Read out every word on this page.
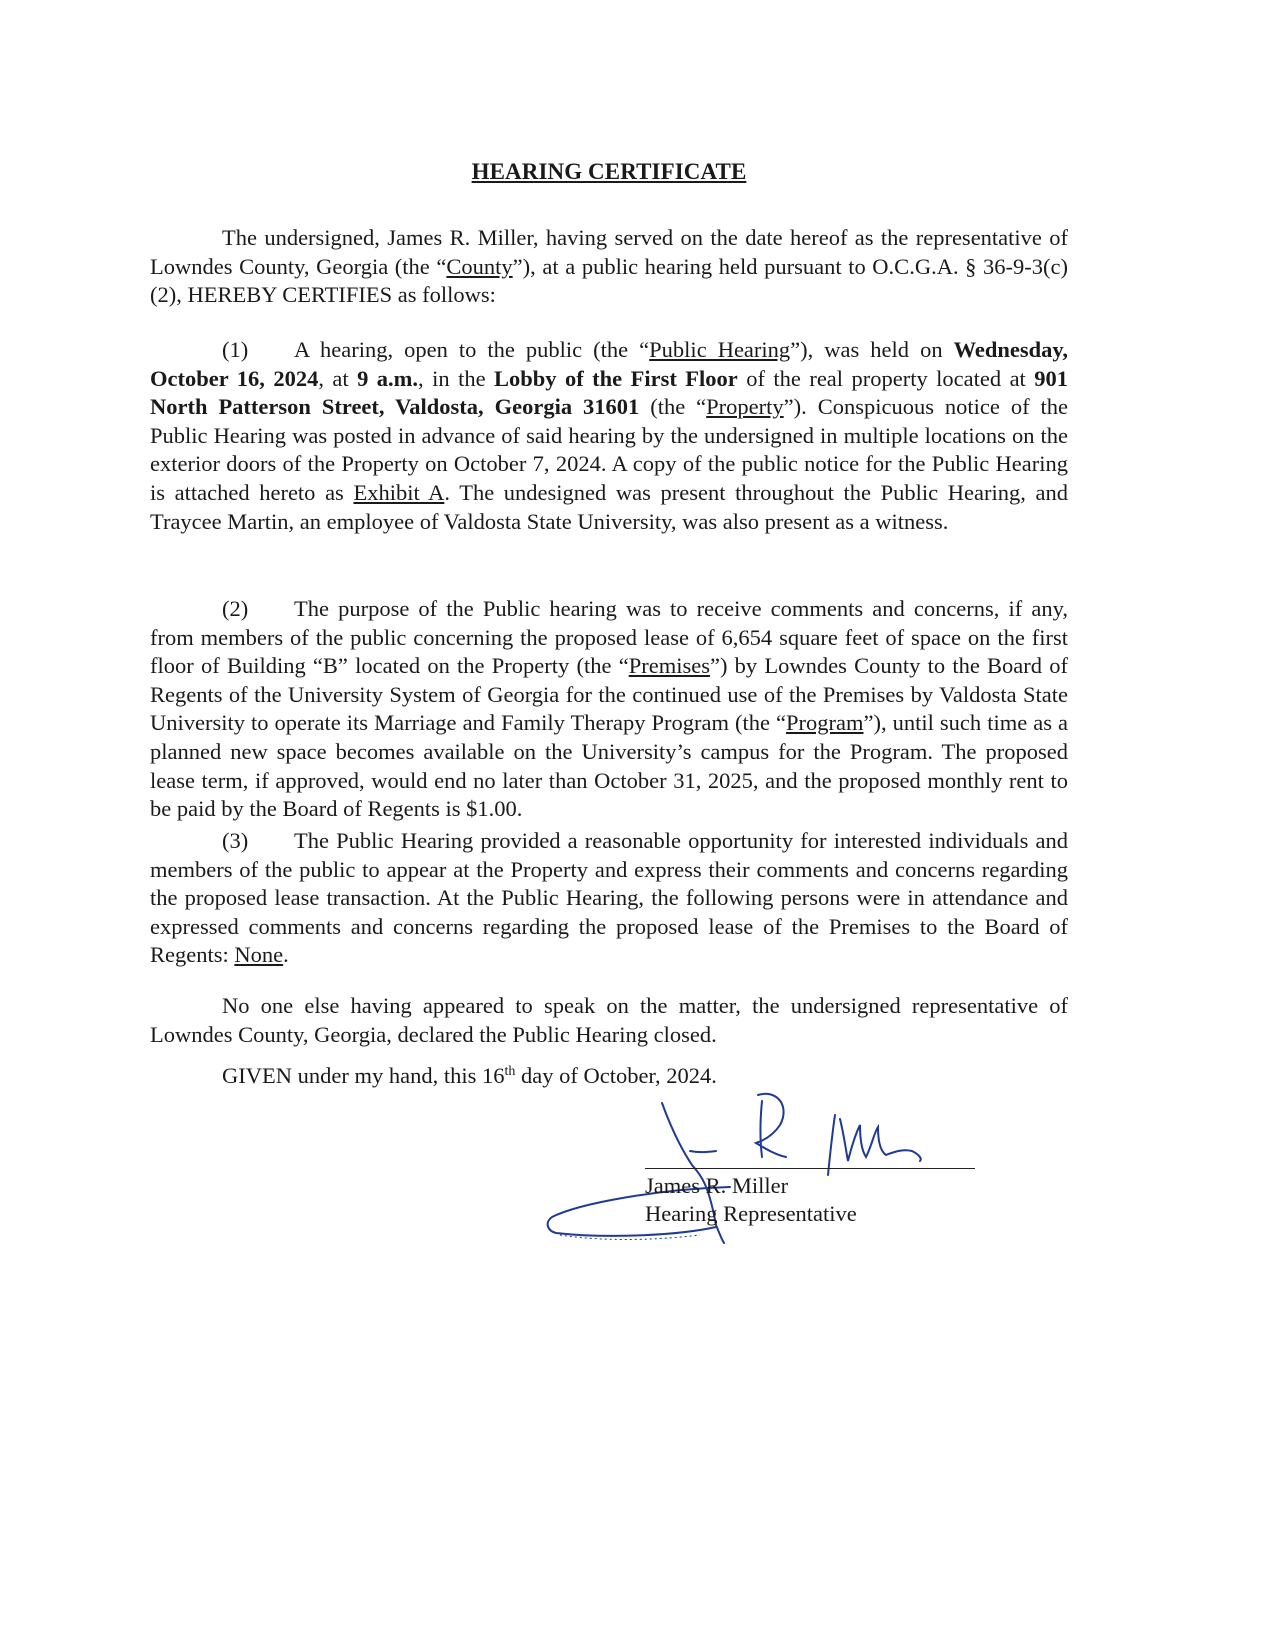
HEARING CERTIFICATE

The undersigned, James R. Miller, having served on the date hereof as the representative of Lowndes County, Georgia (the “County”), at a public hearing held pursuant to O.C.G.A. § 36-9-3(c)(2), HEREBY CERTIFIES as follows:

(1) A hearing, open to the public (the “Public Hearing”), was held on Wednesday, October 16, 2024, at 9 a.m., in the Lobby of the First Floor of the real property located at 901 North Patterson Street, Valdosta, Georgia 31601 (the “Property”). Conspicuous notice of the Public Hearing was posted in advance of said hearing by the undersigned in multiple locations on the exterior doors of the Property on October 7, 2024. A copy of the public notice for the Public Hearing is attached hereto as Exhibit A. The undesigned was present throughout the Public Hearing, and Traycee Martin, an employee of Valdosta State University, was also present as a witness.

(2) The purpose of the Public hearing was to receive comments and concerns, if any, from members of the public concerning the proposed lease of 6,654 square feet of space on the first floor of Building “B” located on the Property (the “Premises”) by Lowndes County to the Board of Regents of the University System of Georgia for the continued use of the Premises by Valdosta State University to operate its Marriage and Family Therapy Program (the “Program”), until such time as a planned new space becomes available on the University’s campus for the Program. The proposed lease term, if approved, would end no later than October 31, 2025, and the proposed monthly rent to be paid by the Board of Regents is $1.00.

(3) The Public Hearing provided a reasonable opportunity for interested individuals and members of the public to appear at the Property and express their comments and concerns regarding the proposed lease transaction. At the Public Hearing, the following persons were in attendance and expressed comments and concerns regarding the proposed lease of the Premises to the Board of Regents: None.

No one else having appeared to speak on the matter, the undersigned representative of Lowndes County, Georgia, declared the Public Hearing closed.

GIVEN under my hand, this 16th day of October, 2024.

James R. Miller
Hearing Representative
